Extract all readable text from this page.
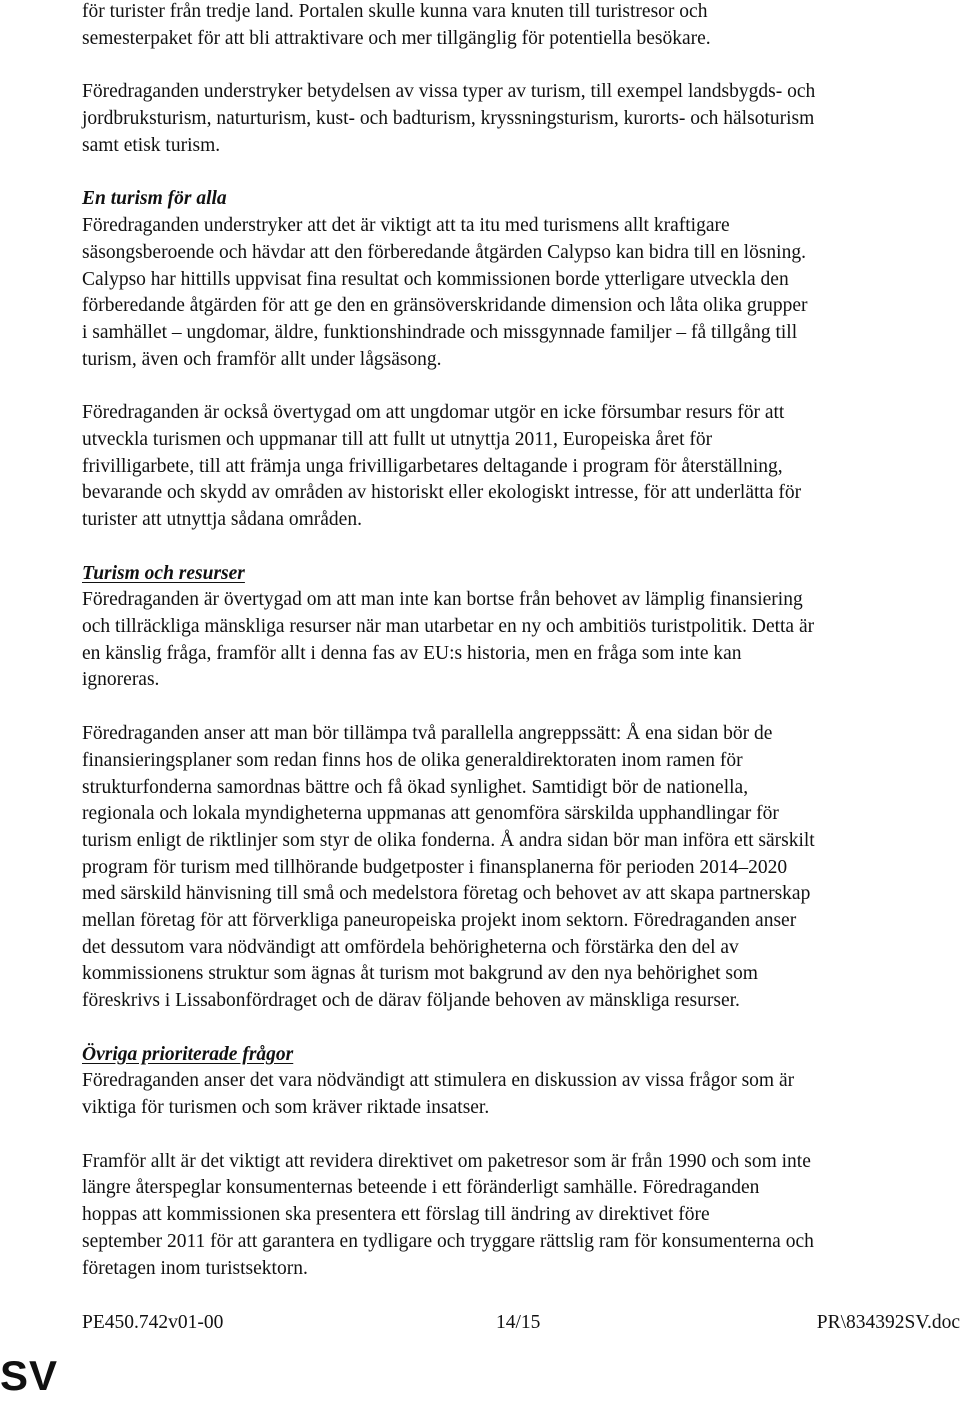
för turister från tredje land. Portalen skulle kunna vara knuten till turistresor och
semesterpaket för att bli attraktivare och mer tillgänglig för potentiella besökare.
Föredraganden understryker betydelsen av vissa typer av turism, till exempel landsbygds- och
jordbruksturism, naturturism, kust- och badturism, kryssningsturism, kurorts- och hälsoturism
samt etisk turism.
En turism för alla
Föredraganden understryker att det är viktigt att ta itu med turismens allt kraftigare
säsongsberoende och hävdar att den förberedande åtgärden Calypso kan bidra till en lösning.
Calypso har hittills uppvisat fina resultat och kommissionen borde ytterligare utveckla den
förberedande åtgärden för att ge den en gränsöverskridande dimension och låta olika grupper
i samhället – ungdomar, äldre, funktionshindrade och missgynnade familjer – få tillgång till
turism, även och framför allt under lågsäsong.
Föredraganden är också övertygad om att ungdomar utgör en icke försumbar resurs för att
utveckla turismen och uppmanar till att fullt ut utnyttja 2011, Europeiska året för
frivilligarbete, till att främja unga frivilligarbetares deltagande i program för återställning,
bevarande och skydd av områden av historiskt eller ekologiskt intresse, för att underlätta för
turister att utnyttja sådana områden.
Turism och resurser
Föredraganden är övertygad om att man inte kan bortse från behovet av lämplig finansiering
och tillräckliga mänskliga resurser när man utarbetar en ny och ambitiös turistpolitik. Detta är
en känslig fråga, framför allt i denna fas av EU:s historia, men en fråga som inte kan
ignoreras.
Föredraganden anser att man bör tillämpa två parallella angreppssätt: Å ena sidan bör de
finansieringsplaner som redan finns hos de olika generaldirektoraten inom ramen för
strukturfonderna samordnas bättre och få ökad synlighet. Samtidigt bör de nationella,
regionala och lokala myndigheterna uppmanas att genomföra särskilda upphandlingar för
turism enligt de riktlinjer som styr de olika fonderna. Å andra sidan bör man införa ett särskilt
program för turism med tillhörande budgetposter i finansplanerna för perioden 2014–2020
med särskild hänvisning till små och medelstora företag och behovet av att skapa partnerskap
mellan företag för att förverkliga paneuropeiska projekt inom sektorn. Föredraganden anser
det dessutom vara nödvändigt att omfördela behörigheterna och förstärka den del av
kommissionens struktur som ägnas åt turism mot bakgrund av den nya behörighet som
föreskrivs i Lissabonfördraget och de därav följande behoven av mänskliga resurser.
Övriga prioriterade frågor
Föredraganden anser det vara nödvändigt att stimulera en diskussion av vissa frågor som är
viktiga för turismen och som kräver riktade insatser.
Framför allt är det viktigt att revidera direktivet om paketresor som är från 1990 och som inte
längre återspeglar konsumenternas beteende i ett föränderligt samhälle. Föredraganden
hoppas att kommissionen ska presentera ett förslag till ändring av direktivet före
september 2011 för att garantera en tydligare och tryggare rättslig ram för konsumenterna och
företagen inom turistsektorn.
PE450.742v01-00	14/15	PR\834392SV.doc
SV
